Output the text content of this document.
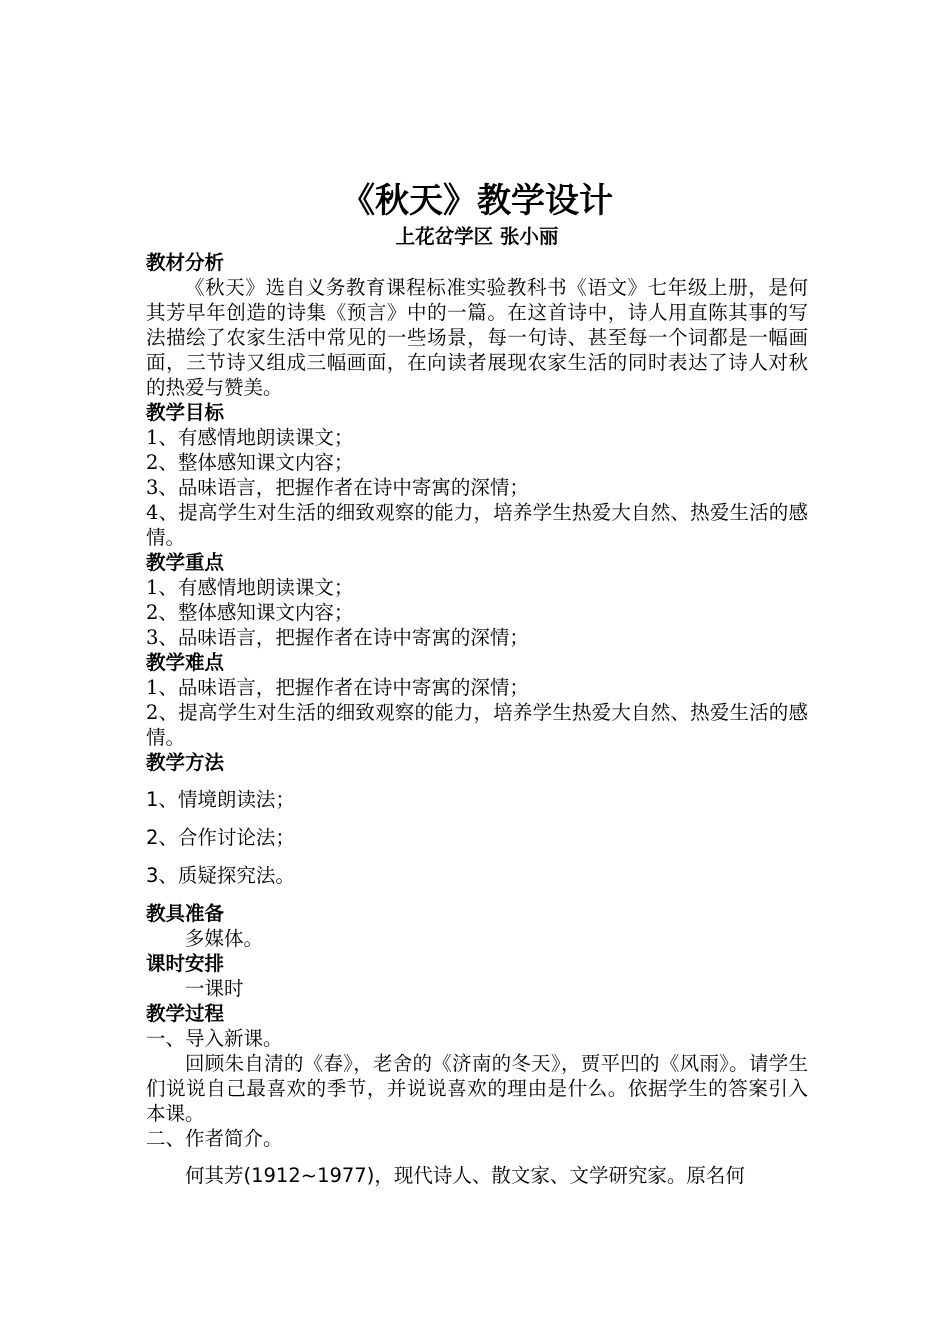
《秋天》教学设计

上花岔学区 张小丽

教材分析

《秋天》选自义务教育课程标准实验教科书《语文》七年级上册，是何其芳早年创造的诗集《预言》中的一篇。在这首诗中，诗人用直陈其事的写法描绘了农家生活中常见的一些场景，每一句诗、甚至每一个词都是一幅画面，三节诗又组成三幅画面，在向读者展现农家生活的同时表达了诗人对秋的热爱与赞美。

教学目标

1、有感情地朗读课文；

2、整体感知课文内容；

3、品味语言，把握作者在诗中寄寓的深情；

4、提高学生对生活的细致观察的能力，培养学生热爱大自然、热爱生活的感情。

教学重点

1、有感情地朗读课文；

2、整体感知课文内容；

3、品味语言，把握作者在诗中寄寓的深情；

教学难点

1、品味语言，把握作者在诗中寄寓的深情；

2、提高学生对生活的细致观察的能力，培养学生热爱大自然、热爱生活的感情。

教学方法

1、情境朗读法；

2、合作讨论法；

3、质疑探究法。

教具准备

多媒体。

课时安排

一课时

教学过程

一、导入新课。

回顾朱自清的《春》，老舍的《济南的冬天》，贾平凹的《风雨》。请学生们说说自己最喜欢的季节，并说说喜欢的理由是什么。依据学生的答案引入本课。

二、作者简介。

何其芳(1912~1977)，现代诗人、散文家、文学研究家。原名何
